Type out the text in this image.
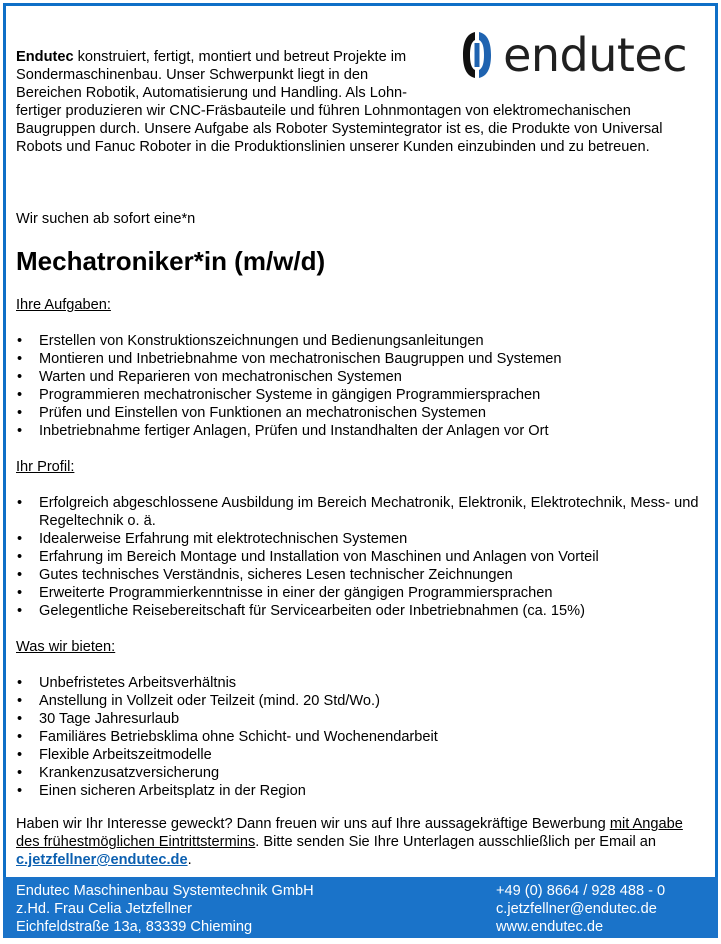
endutec
Endutec konstruiert, fertigt, montiert und betreut Projekte im Sondermaschinenbau. Unser Schwerpunkt liegt in den Bereichen Robotik, Automatisierung und Handling. Als Lohn-fertiger produzieren wir CNC-Fräsbauteile und führen Lohnmontagen von elektromechanischen Baugruppen durch. Unsere Aufgabe als Roboter Systemintegrator ist es, die Produkte von Universal Robots und Fanuc Roboter in die Produktionslinien unserer Kunden einzubinden und zu betreuen.
Wir suchen ab sofort eine*n
Mechatroniker*in (m/w/d)
Ihre Aufgaben:
• Erstellen von Konstruktionszeichnungen und Bedienungsanleitungen
• Montieren und Inbetriebnahme von mechatronischen Baugruppen und Systemen
• Warten und Reparieren von mechatronischen Systemen
• Programmieren mechatronischer Systeme in gängigen Programmiersprachen
• Prüfen und Einstellen von Funktionen an mechatronischen Systemen
• Inbetriebnahme fertiger Anlagen, Prüfen und Instandhalten der Anlagen vor Ort
Ihr Profil:
• Erfolgreich abgeschlossene Ausbildung im Bereich Mechatronik, Elektronik, Elektrotechnik, Mess- und Regeltechnik o. ä.
• Idealerweise Erfahrung mit elektrotechnischen Systemen
• Erfahrung im Bereich Montage und Installation von Maschinen und Anlagen von Vorteil
• Gutes technisches Verständnis, sicheres Lesen technischer Zeichnungen
• Erweiterte Programmierkenntnisse in einer der gängigen Programmiersprachen
• Gelegentliche Reisebereitschaft für Servicearbeiten oder Inbetriebnahmen (ca. 15%)
Was wir bieten:
• Unbefristetes Arbeitsverhältnis
• Anstellung in Vollzeit oder Teilzeit (mind. 20 Std/Wo.)
• 30 Tage Jahresurlaub
• Familiäres Betriebsklima ohne Schicht- und Wochenendarbeit
• Flexible Arbeitszeitmodelle
• Krankenzusatzversicherung
• Einen sicheren Arbeitsplatz in der Region
Haben wir Ihr Interesse geweckt? Dann freuen wir uns auf Ihre aussagekräftige Bewerbung mit Angabe des frühestmöglichen Eintrittstermins. Bitte senden Sie Ihre Unterlagen ausschließlich per Email an c.jetzfellner@endutec.de.
Endutec Maschinenbau Systemtechnik GmbH
z.Hd. Frau Celia Jetzfellner
Eichfeldstraße 13a, 83339 Chieming
+49 (0) 8664 / 928 488 - 0
c.jetzfellner@endutec.de
www.endutec.de
